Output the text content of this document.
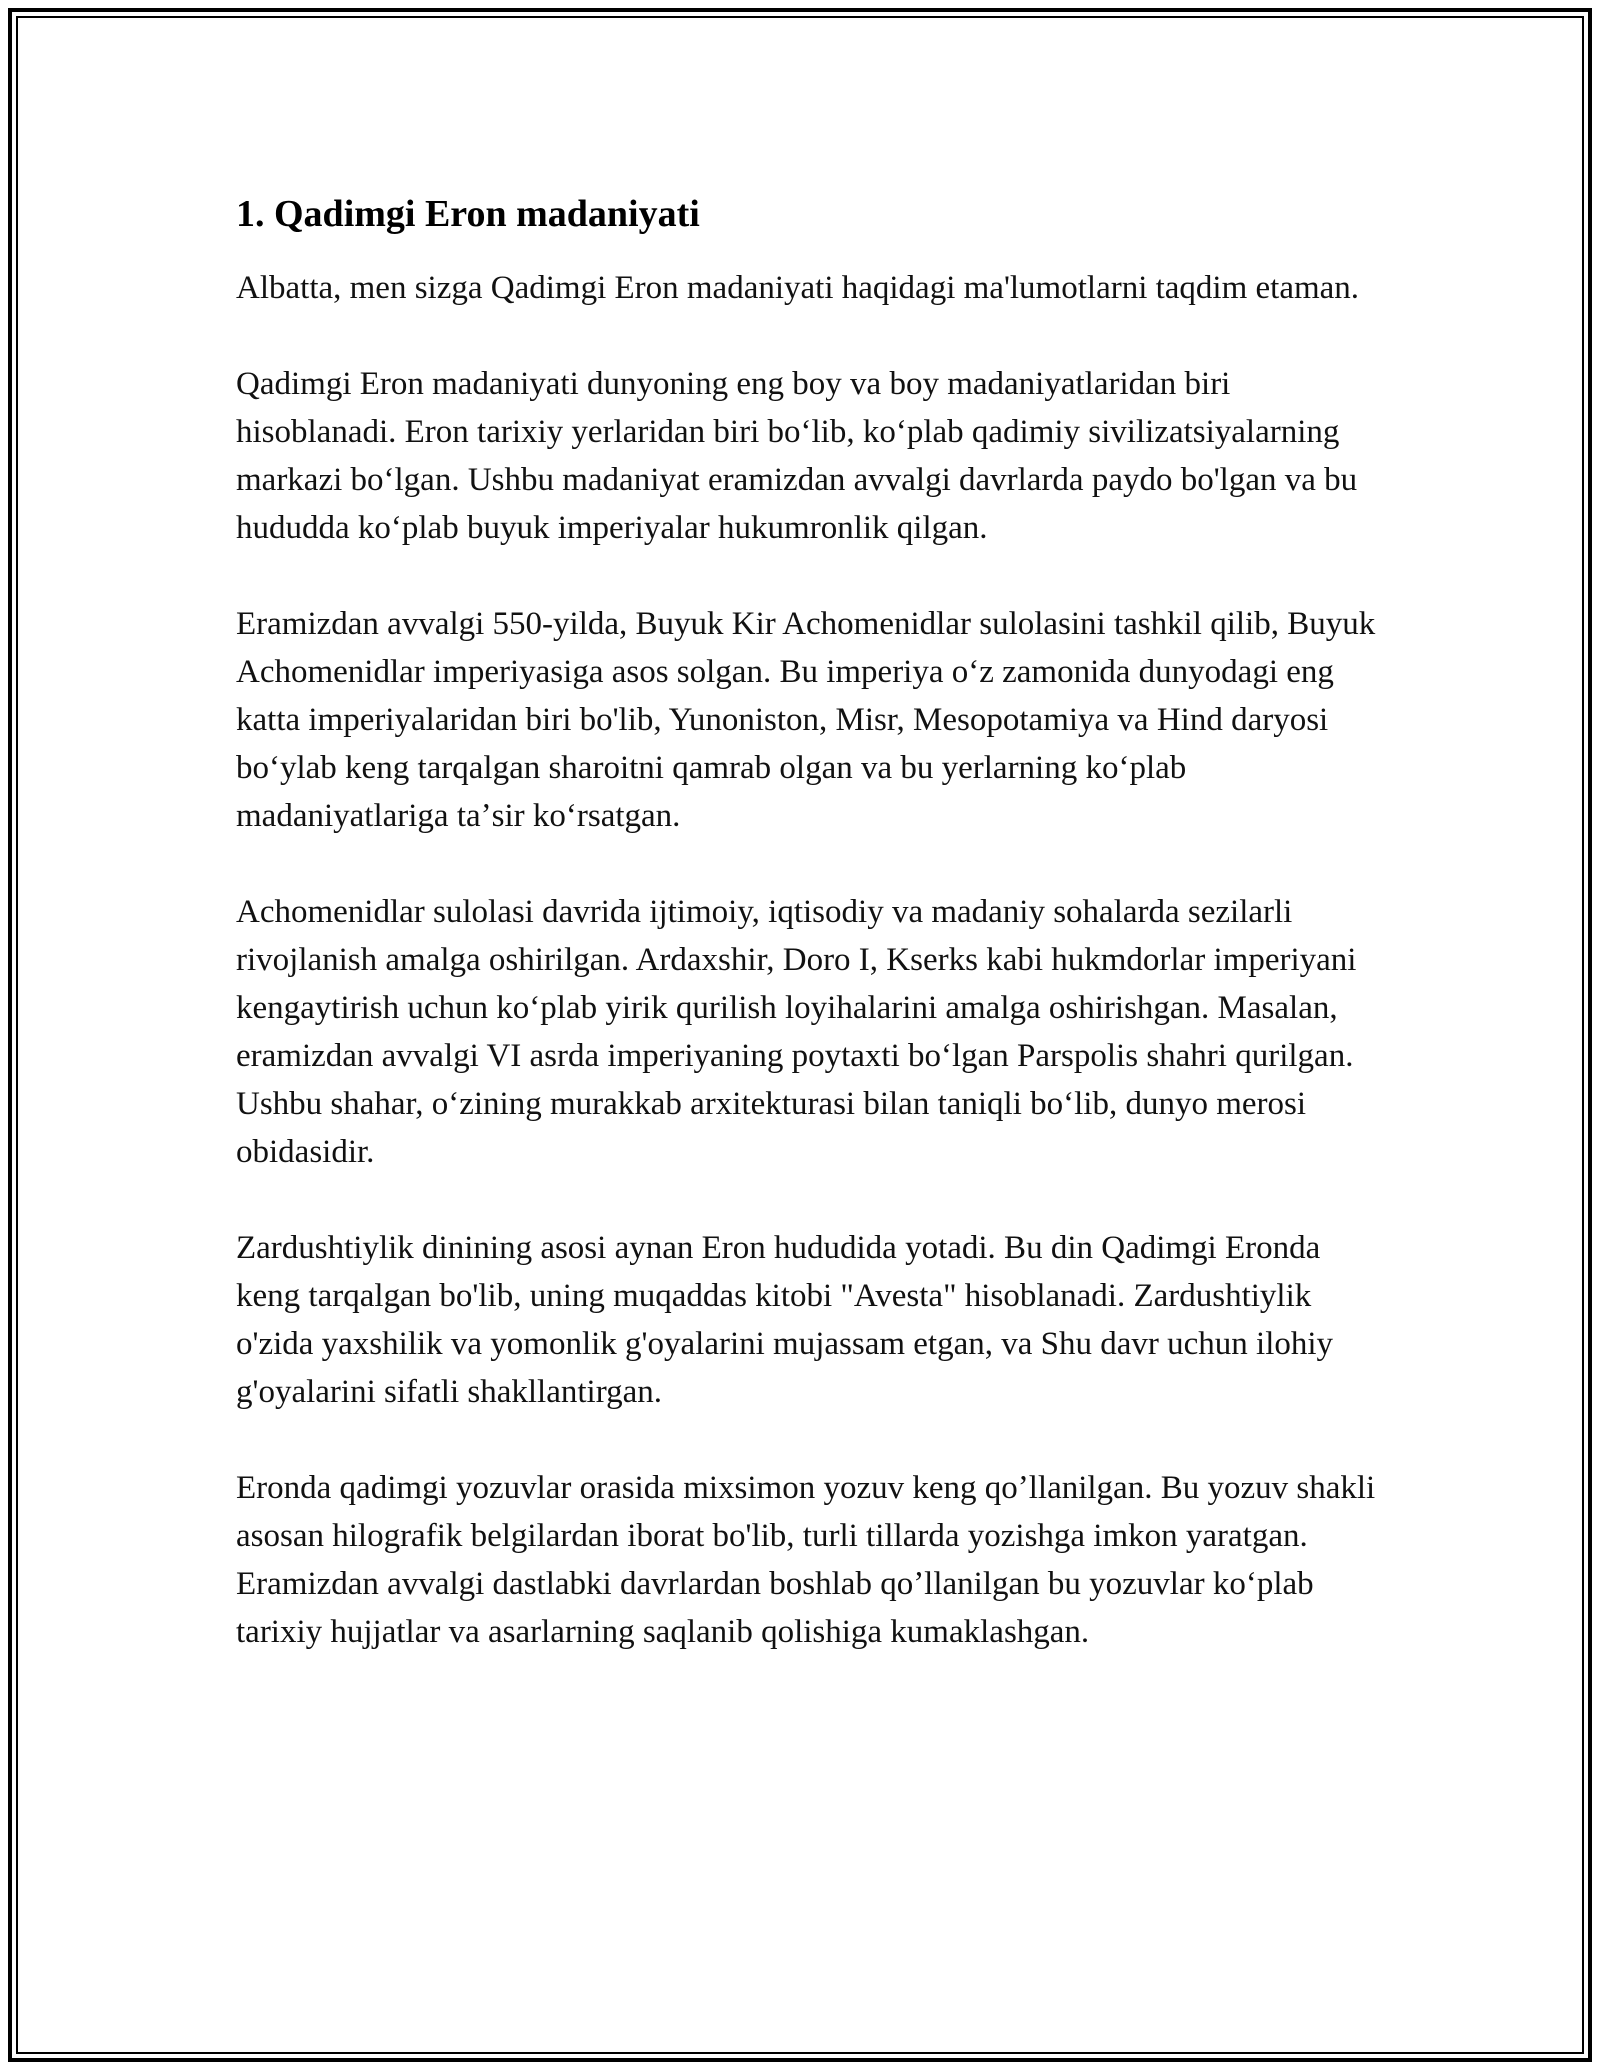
1. Qadimgi Eron madaniyati

Albatta, men sizga Qadimgi Eron madaniyati haqidagi ma'lumotlarni taqdim etaman.

Qadimgi Eron madaniyati dunyoning eng boy va boy madaniyatlaridan biri hisoblanadi. Eron tarixiy yerlaridan biri boʻlib, koʻplab qadimiy sivilizatsiyalarning markazi boʻlgan. Ushbu madaniyat eramizdan avvalgi davrlarda paydo bo'lgan va bu hududda koʻplab buyuk imperiyalar hukumronlik qilgan.

Eramizdan avvalgi 550-yilda, Buyuk Kir Achomenidlar sulolasini tashkil qilib, Buyuk Achomenidlar imperiyasiga asos solgan. Bu imperiya oʻz zamonida dunyodagi eng katta imperiyalaridan biri bo'lib, Yunoniston, Misr, Mesopotamiya va Hind daryosi boʻylab keng tarqalgan sharoitni qamrab olgan va bu yerlarning koʻplab madaniyatlariga taʼsir koʻrsatgan.

Achomenidlar sulolasi davrida ijtimoiy, iqtisodiy va madaniy sohalarda sezilarli rivojlanish amalga oshirilgan. Ardaxshir, Doro I, Kserks kabi hukmdorlar imperiyani kengaytirish uchun koʻplab yirik qurilish loyihalarini amalga oshirishgan. Masalan, eramizdan avvalgi VI asrda imperiyaning poytaxti boʻlgan Parspolis shahri qurilgan. Ushbu shahar, oʻzining murakkab arxitekturasi bilan taniqli boʻlib, dunyo merosi obidasidir.

Zardushtiylik dinining asosi aynan Eron hududida yotadi. Bu din Qadimgi Eronda keng tarqalgan bo'lib, uning muqaddas kitobi "Avesta" hisoblanadi. Zardushtiylik o'zida yaxshilik va yomonlik g'oyalarini mujassam etgan, va Shu davr uchun ilohiy g'oyalarini sifatli shakllantirgan.

Eronda qadimgi yozuvlar orasida mixsimon yozuv keng qoʼllanilgan. Bu yozuv shakli asosan hilografik belgilardan iborat bo'lib, turli tillarda yozishga imkon yaratgan. Eramizdan avvalgi dastlabki davrlardan boshlab qoʼllanilgan bu yozuvlar koʻplab tarixiy hujjatlar va asarlarning saqlanib qolishiga kumaklashgan.
